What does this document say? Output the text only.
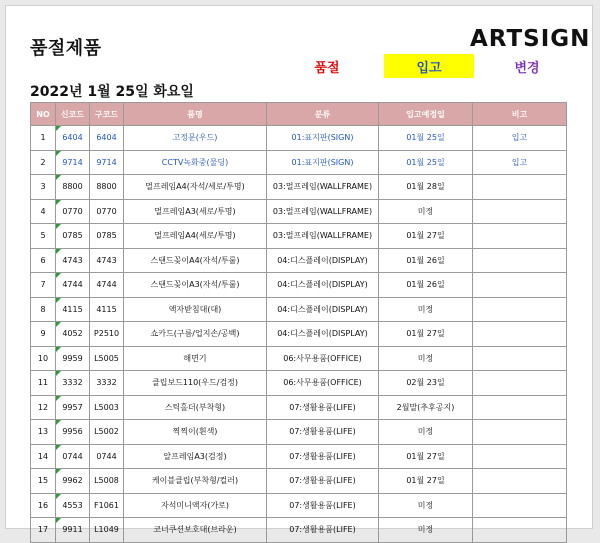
품절제품	ARTSIGN
품절	입고	변경
2022년 1월 25일 화요일
NO	신코드	구코드	품명	분류	입고예정일	비고
1	6404	6404	고정문(우드)	01:표지판(SIGN)	01월 25일	입고
2	9714	9714	CCTV녹화중(물딩)	01:표지판(SIGN)	01월 25일	입고
3	8800	8800	멀프레임A4(자석/세로/투명)	03:멀프레임(WALLFRAME)	01월 28일	
4	0770	0770	멀프레임A3(세로/투명)	03:멀프레임(WALLFRAME)	미정	
5	0785	0785	멀프레임A4(세로/투명)	03:멀프레임(WALLFRAME)	01월 27일	
6	4743	4743	스탠드꽂이A4(자석/투룰)	04:디스플레이(DISPLAY)	01월 26일	
7	4744	4744	스탠드꽂이A3(자석/투룰)	04:디스플레이(DISPLAY)	01월 26일	
8	4115	4115	액자받침대(대)	04:디스플레이(DISPLAY)	미정	
9	4052	P2510	쇼카드(구름/업지손/공백)	04:디스플레이(DISPLAY)	01월 27일	
10	9959	L5005	해면기	06:사무용품(OFFICE)	미정	
11	3332	3332	클립보드110(우드/검정)	06:사무용품(OFFICE)	02월 23일	
12	9957	L5003	스틱홀더(부착형)	07:생활용품(LIFE)	2월말(추후공지)	
13	9956	L5002	찍찍이(흰색)	07:생활용품(LIFE)	미정	
14	0744	0744	알프레임A3(검정)	07:생활용품(LIFE)	01월 27일	
15	9962	L5008	케이블클립(부착형/컬러)	07:생활용품(LIFE)	01월 27일	
16	4553	F1061	자석미니액자(가로)	07:생활용품(LIFE)	미정	
17	9911	L1049	코너쿠션보호대(브라운)	07:생활용품(LIFE)	미정	
